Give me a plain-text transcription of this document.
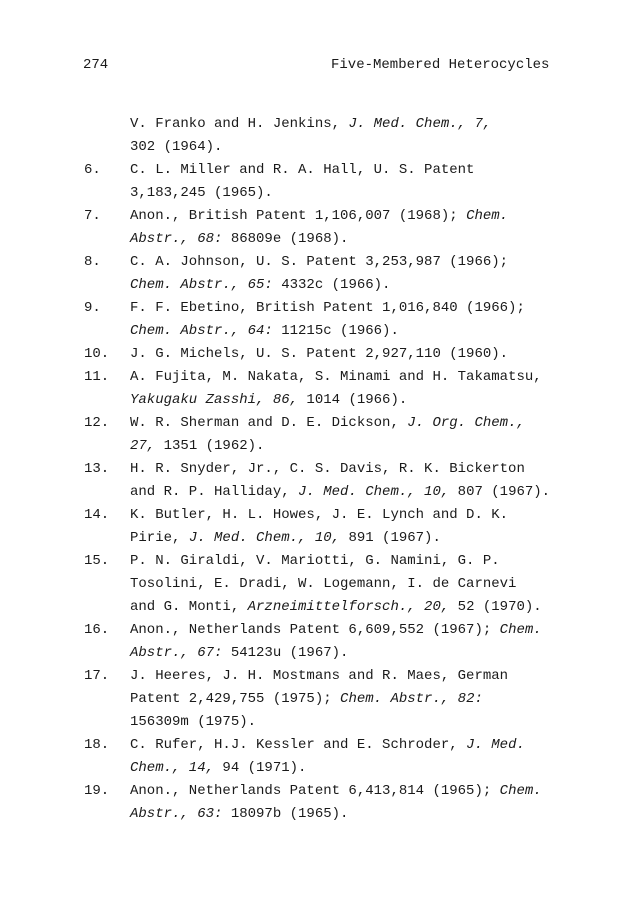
274	Five-Membered Heterocycles
V. Franko and H. Jenkins, J. Med. Chem., 7,
302 (1964).
6.	C. L. Miller and R. A. Hall, U. S. Patent
3,183,245 (1965).
7.	Anon., British Patent 1,106,007 (1968); Chem.
Abstr., 68: 86809e (1968).
8.	C. A. Johnson, U. S. Patent 3,253,987 (1966);
Chem. Abstr., 65: 4332c (1966).
9.	F. F. Ebetino, British Patent 1,016,840 (1966);
Chem. Abstr., 64: 11215c (1966).
10.	J. G. Michels, U. S. Patent 2,927,110 (1960).
11.	A. Fujita, M. Nakata, S. Minami and H. Takamatsu,
Yakugaku Zasshi, 86, 1014 (1966).
12.	W. R. Sherman and D. E. Dickson, J. Org. Chem.,
27, 1351 (1962).
13.	H. R. Snyder, Jr., C. S. Davis, R. K. Bickerton
and R. P. Halliday, J. Med. Chem., 10, 807 (1967).
14.	K. Butler, H. L. Howes, J. E. Lynch and D. K.
Pirie, J. Med. Chem., 10, 891 (1967).
15.	P. N. Giraldi, V. Mariotti, G. Namini, G. P.
Tosolini, E. Dradi, W. Logemann, I. de Carnevi
and G. Monti, Arzneimittelforsch., 20, 52 (1970).
16.	Anon., Netherlands Patent 6,609,552 (1967); Chem.
Abstr., 67: 54123u (1967).
17.	J. Heeres, J. H. Mostmans and R. Maes, German
Patent 2,429,755 (1975); Chem. Abstr., 82:
156309m (1975).
18.	C. Rufer, H.J. Kessler and E. Schroder, J. Med.
Chem., 14, 94 (1971).
19.	Anon., Netherlands Patent 6,413,814 (1965); Chem.
Abstr., 63: 18097b (1965).
